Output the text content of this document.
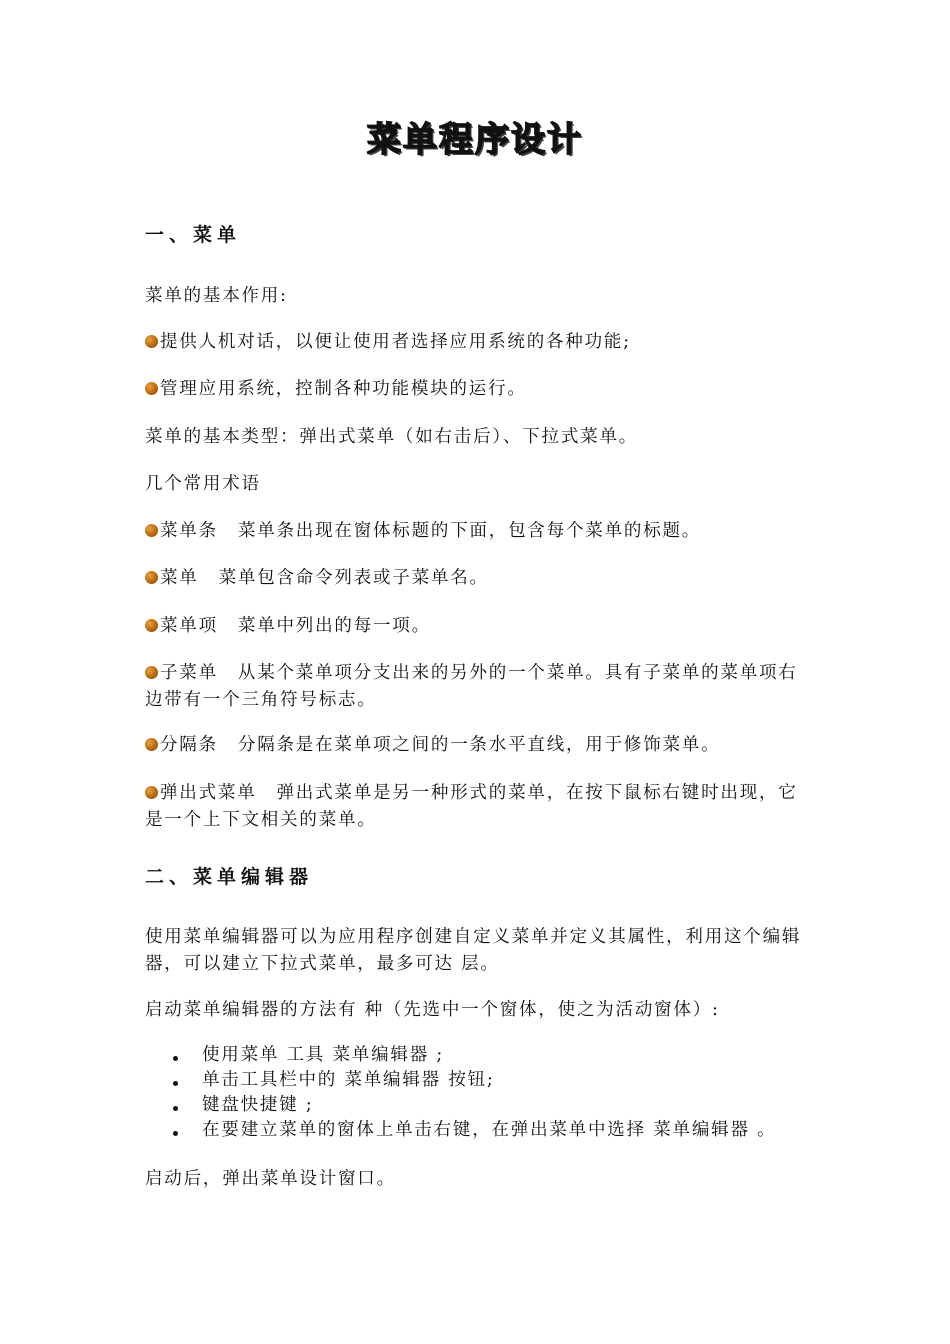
菜单程序设计
一、菜单
菜单的基本作用:
提供人机对话，以便让使用者选择应用系统的各种功能;
管理应用系统，控制各种功能模块的运行。
菜单的基本类型：弹出式菜单（如右击后）、下拉式菜单。
几个常用术语
菜单条 菜单条出现在窗体标题的下面，包含每个菜单的标题。
菜单 菜单包含命令列表或子菜单名。
菜单项 菜单中列出的每一项。
子菜单 从某个菜单项分支出来的另外的一个菜单。具有子菜单的菜单项右边带有一个三角符号标志。
分隔条 分隔条是在菜单项之间的一条水平直线，用于修饰菜单。
弹出式菜单 弹出式菜单是另一种形式的菜单，在按下鼠标右键时出现，它是一个上下文相关的菜单。
二、菜单编辑器
使用菜单编辑器可以为应用程序创建自定义菜单并定义其属性，利用这个编辑器，可以建立下拉式菜单，最多可达 层。
启动菜单编辑器的方法有 种（先选中一个窗体，使之为活动窗体）:
使用菜单 工具 菜单编辑器 ;
单击工具栏中的 菜单编辑器 按钮;
键盘快捷键 ;
在要建立菜单的窗体上单击右键，在弹出菜单中选择 菜单编辑器 。
启动后，弹出菜单设计窗口。
